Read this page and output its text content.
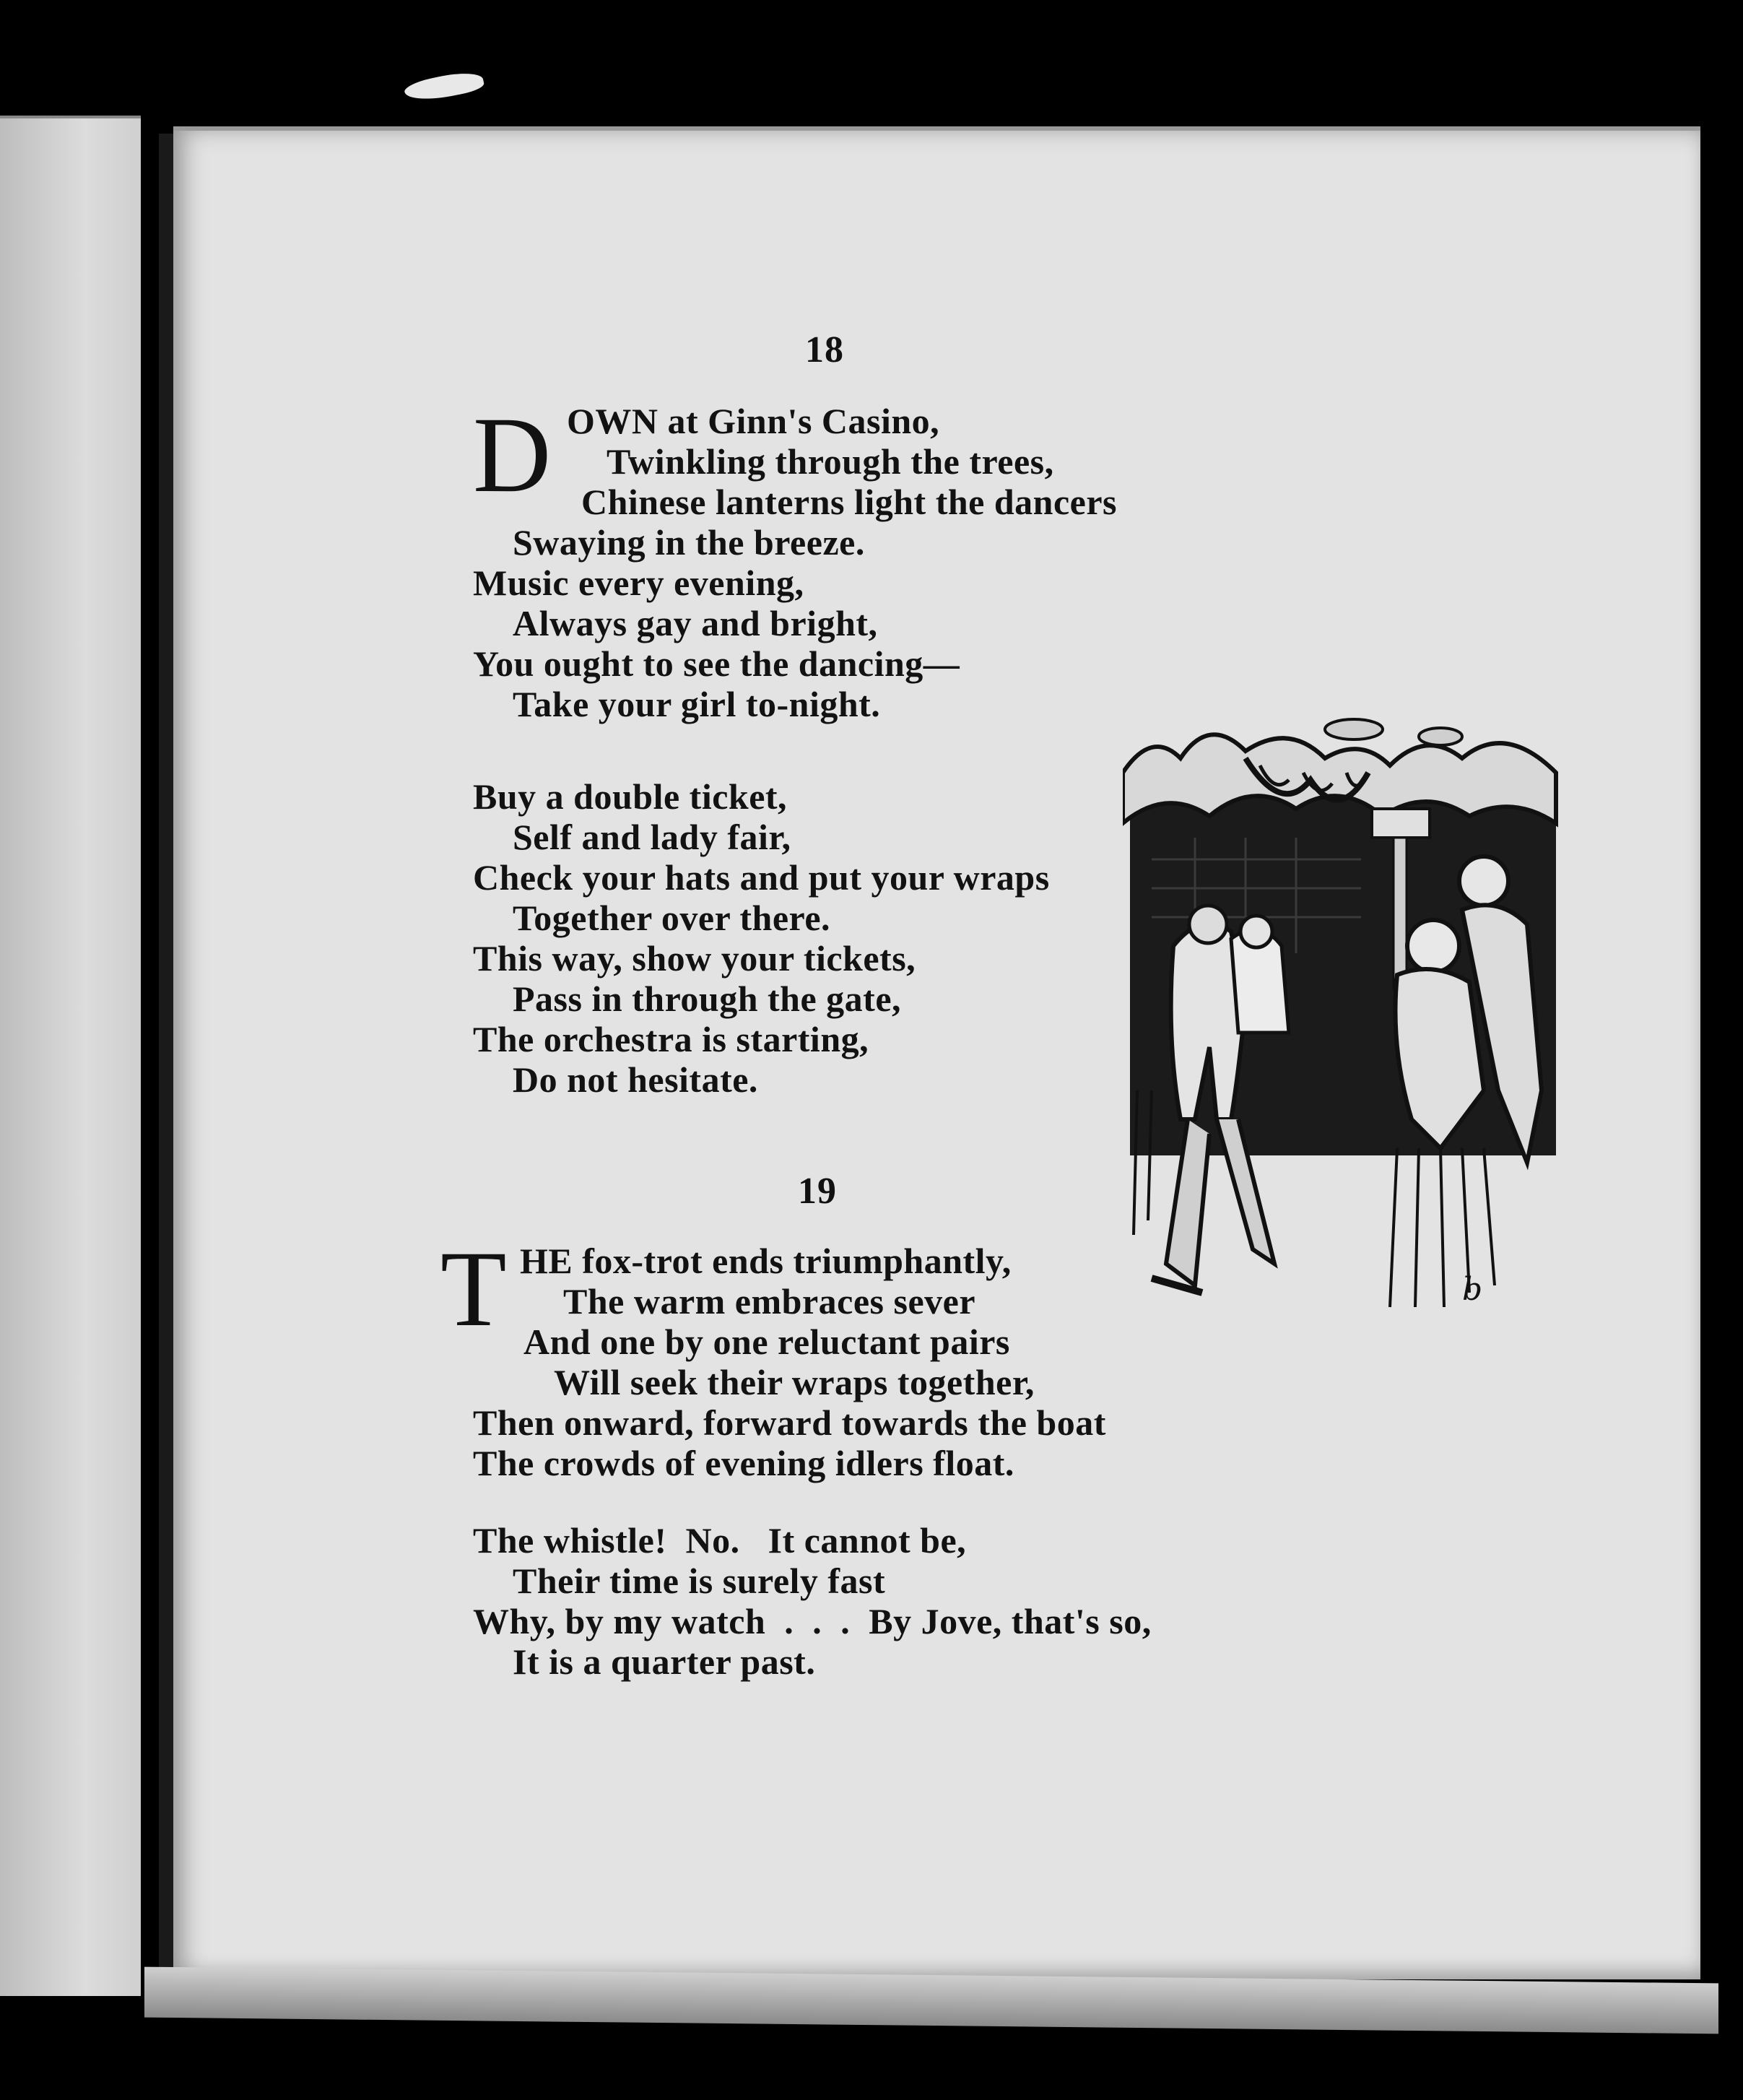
18
D OWN at Ginn's Casino,
Twinkling through the trees,
Chinese lanterns light the dancers
Swaying in the breeze.
Music every evening,
Always gay and bright,
You ought to see the dancing—
Take your girl to-night.
Buy a double ticket,
Self and lady fair,
Check your hats and put your wraps
Together over there.
This way, show your tickets,
Pass in through the gate,
The orchestra is starting,
Do not hesitate.
19
T HE fox-trot ends triumphantly,
The warm embraces sever
And one by one reluctant pairs
Will seek their wraps together,
Then onward, forward towards the boat
The crowds of evening idlers float.
The whistle!  No.   It cannot be,
Their time is surely fast
Why, by my watch  .  .  .  By Jove, that's so,
It is a quarter past.
b
